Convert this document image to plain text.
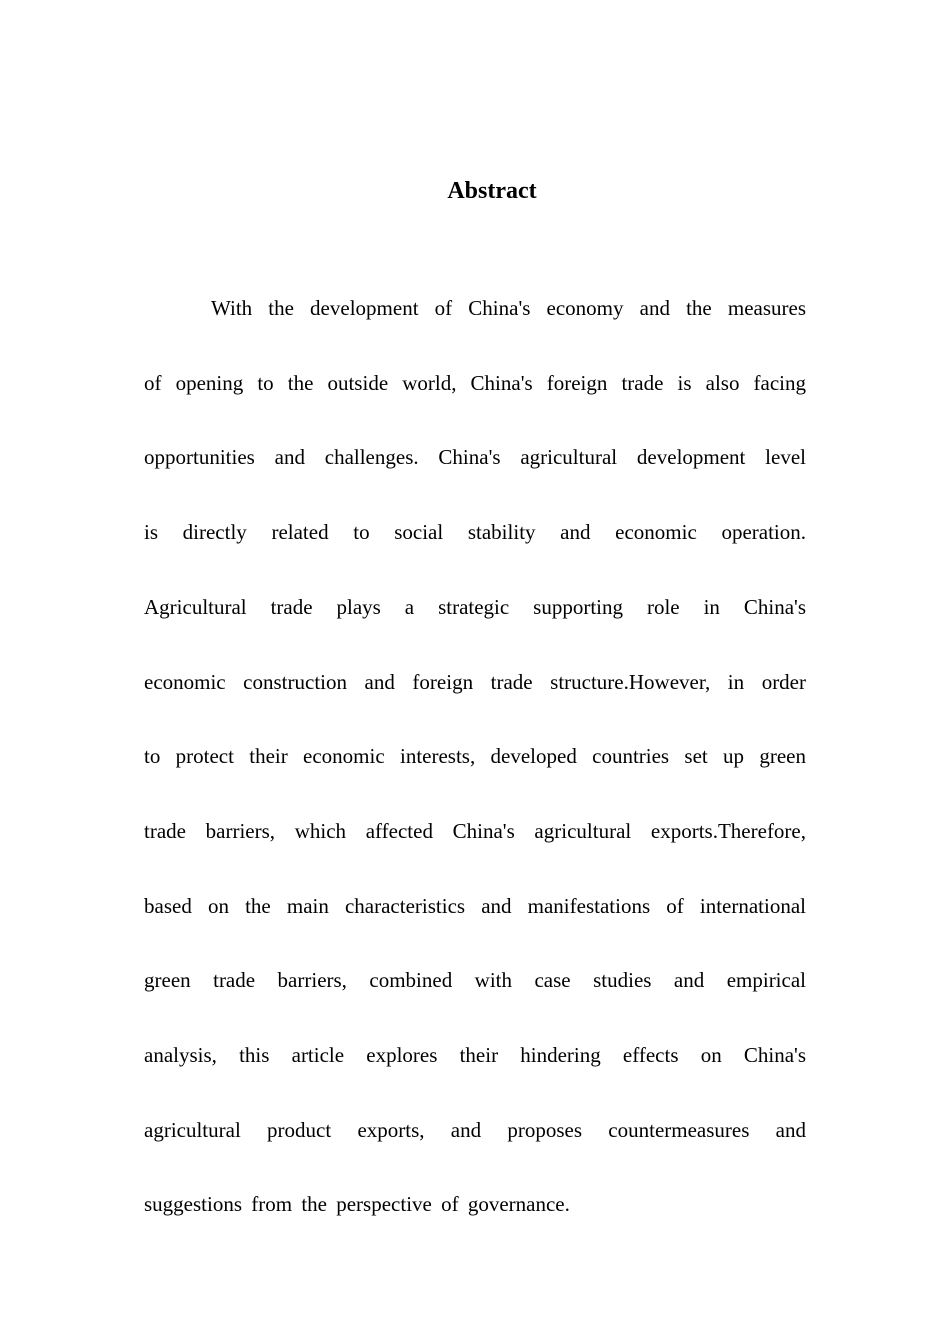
Abstract
With the development of China's economy and the measures
of opening to the outside world, China's foreign trade is also facing
opportunities and challenges. China's agricultural development level
is directly related to social stability and economic operation.
Agricultural trade plays a strategic supporting role in China's
economic construction and foreign trade structure.However, in order
to protect their economic interests, developed countries set up green
trade barriers, which affected China's agricultural exports.Therefore,
based on the main characteristics and manifestations of international
green trade barriers, combined with case studies and empirical
analysis, this article explores their hindering effects on China's
agricultural product exports, and proposes countermeasures and
suggestions from the perspective of governance.
